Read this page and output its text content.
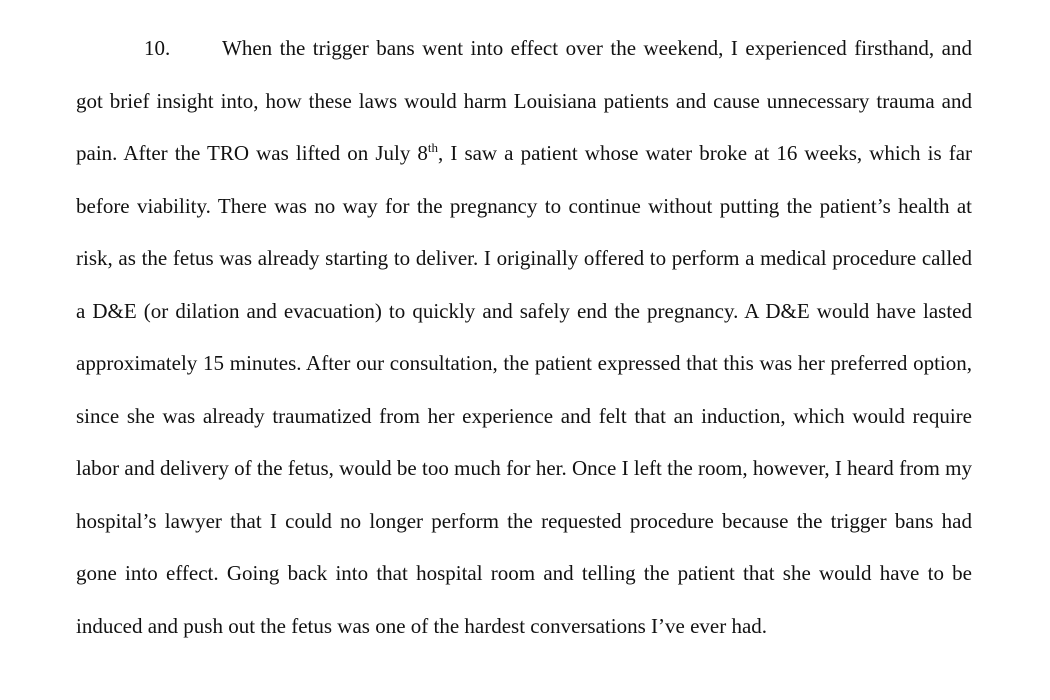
10. When the trigger bans went into effect over the weekend, I experienced firsthand, and got brief insight into, how these laws would harm Louisiana patients and cause unnecessary trauma and pain. After the TRO was lifted on July 8th, I saw a patient whose water broke at 16 weeks, which is far before viability. There was no way for the pregnancy to continue without putting the patient’s health at risk, as the fetus was already starting to deliver. I originally offered to perform a medical procedure called a D&E (or dilation and evacuation) to quickly and safely end the pregnancy. A D&E would have lasted approximately 15 minutes. After our consultation, the patient expressed that this was her preferred option, since she was already traumatized from her experience and felt that an induction, which would require labor and delivery of the fetus, would be too much for her. Once I left the room, however, I heard from my hospital’s lawyer that I could no longer perform the requested procedure because the trigger bans had gone into effect. Going back into that hospital room and telling the patient that she would have to be induced and push out the fetus was one of the hardest conversations I’ve ever had.
